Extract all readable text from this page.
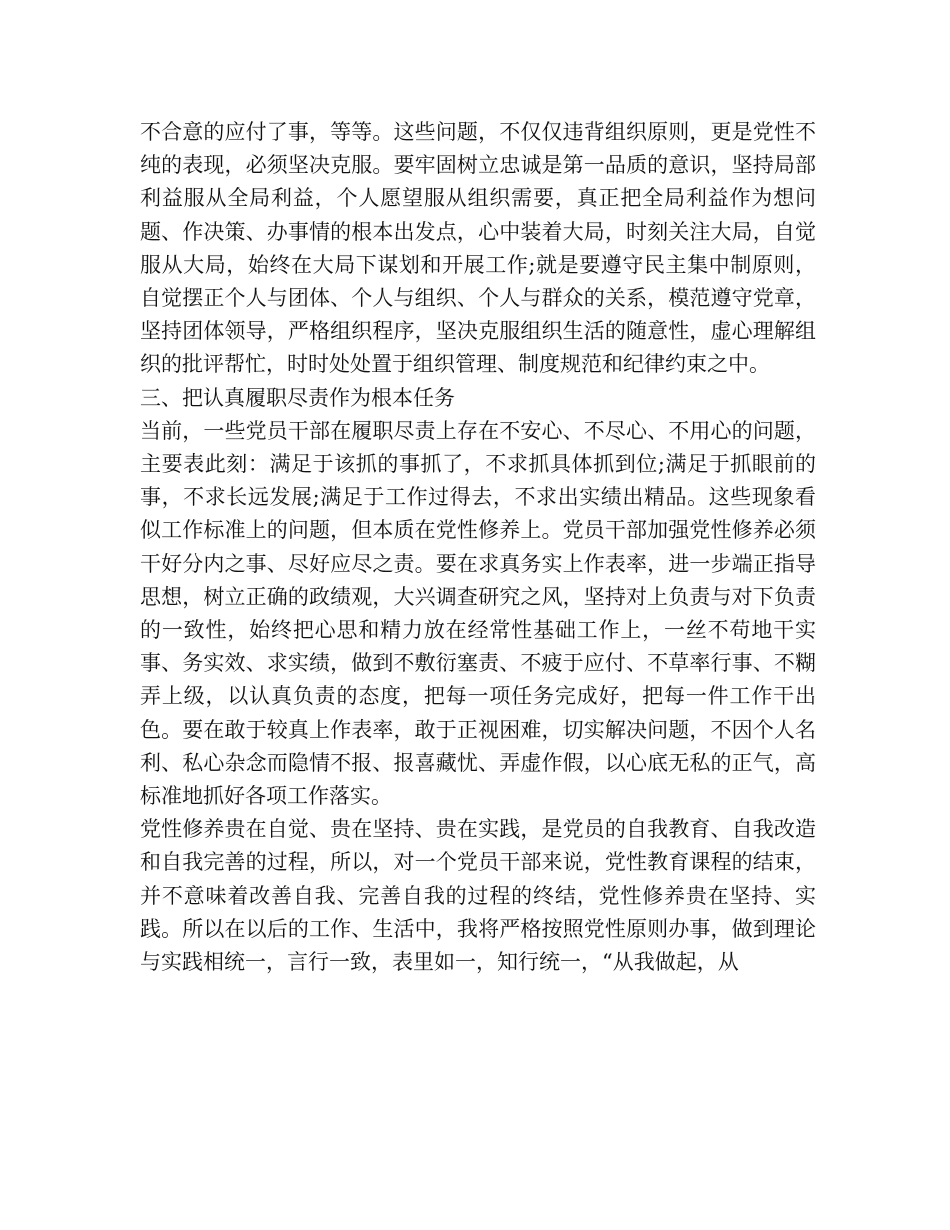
不合意的应付了事，等等。这些问题，不仅仅违背组织原则，更是党性不纯的表现，必须坚决克服。要牢固树立忠诚是第一品质的意识，坚持局部利益服从全局利益，个人愿望服从组织需要，真正把全局利益作为想问题、作决策、办事情的根本出发点，心中装着大局，时刻关注大局，自觉服从大局，始终在大局下谋划和开展工作;就是要遵守民主集中制原则，自觉摆正个人与团体、个人与组织、个人与群众的关系，模范遵守党章，坚持团体领导，严格组织程序，坚决克服组织生活的随意性，虚心理解组织的批评帮忙，时时处处置于组织管理、制度规范和纪律约束之中。

三、把认真履职尽责作为根本任务

当前，一些党员干部在履职尽责上存在不安心、不尽心、不用心的问题，主要表此刻：满足于该抓的事抓了，不求抓具体抓到位;满足于抓眼前的事，不求长远发展;满足于工作过得去，不求出实绩出精品。这些现象看似工作标准上的问题，但本质在党性修养上。党员干部加强党性修养必须干好分内之事、尽好应尽之责。要在求真务实上作表率，进一步端正指导思想，树立正确的政绩观，大兴调查研究之风，坚持对上负责与对下负责的一致性，始终把心思和精力放在经常性基础工作上，一丝不苟地干实事、务实效、求实绩，做到不敷衍塞责、不疲于应付、不草率行事、不糊弄上级，以认真负责的态度，把每一项任务完成好，把每一件工作干出色。要在敢于较真上作表率，敢于正视困难，切实解决问题，不因个人名利、私心杂念而隐情不报、报喜藏忧、弄虚作假，以心底无私的正气，高标准地抓好各项工作落实。

党性修养贵在自觉、贵在坚持、贵在实践，是党员的自我教育、自我改造和自我完善的过程，所以，对一个党员干部来说，党性教育课程的结束，并不意味着改善自我、完善自我的过程的终结，党性修养贵在坚持、实践。所以在以后的工作、生活中，我将严格按照党性原则办事，做到理论与实践相统一，言行一致，表里如一，知行统一，“从我做起，从
